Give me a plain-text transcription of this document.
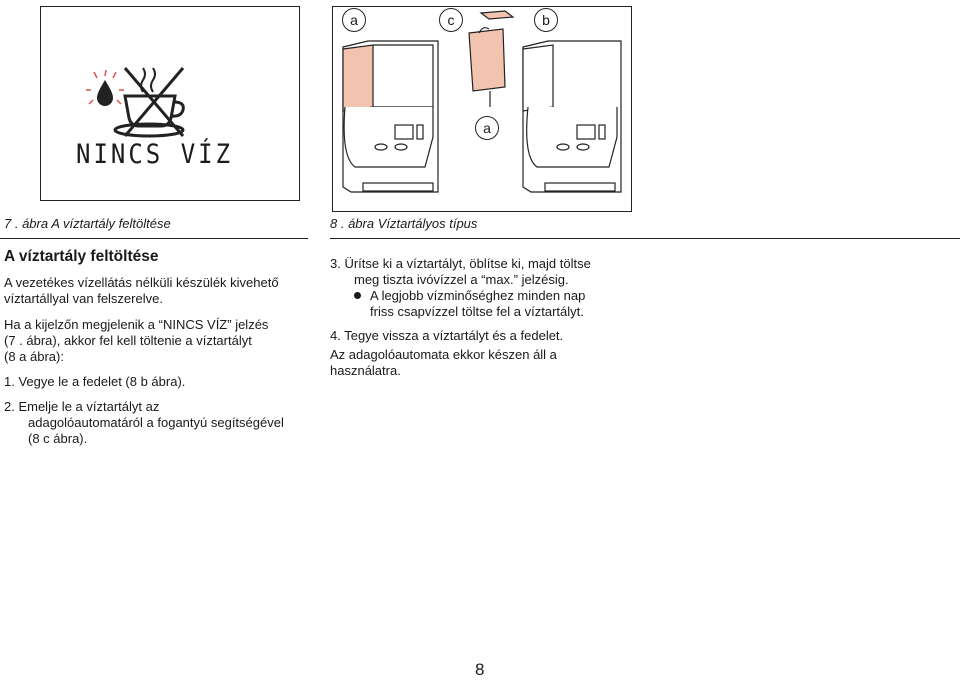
NINCS VÍZ
7 . ábra A víztartály feltöltése
a	c	b
a
8 . ábra Víztartályos típus
A víztartály feltöltése
A vezetékes vízellátás nélküli készülék kivehető
víztartállyal van felszerelve.
Ha a kijelzőn megjelenik a “NINCS VÍZ” jelzés
(7 . ábra), akkor fel kell töltenie a víztartályt
(8 a ábra):
1. Vegye le a fedelet (8 b ábra).
2. Emelje le a víztartályt az
adagolóautomatáról a fogantyú segítségével
(8 c ábra).
3. Ürítse ki a víztartályt, öblítse ki, majd töltse
meg tiszta ivóvízzel a “max.” jelzésig.
A legjobb vízminőséghez minden nap
friss csapvízzel töltse fel a víztartályt.
4. Tegye vissza a víztartályt és a fedelet.
Az adagolóautomata ekkor készen áll a
használatra.
8
